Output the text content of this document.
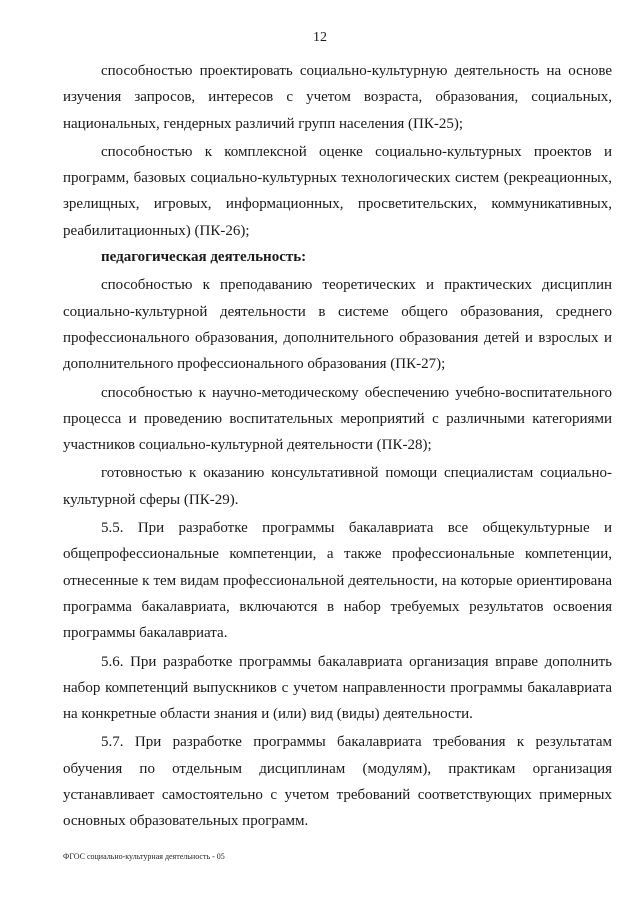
12

способностью проектировать социально-культурную деятельность на основе изучения запросов, интересов с учетом возраста, образования, социальных, национальных, гендерных различий групп населения (ПК-25);

способностью к комплексной оценке социально-культурных проектов и программ, базовых социально-культурных технологических систем (рекреационных, зрелищных, игровых, информационных, просветительских, коммуникативных, реабилитационных) (ПК-26);

педагогическая деятельность:

способностью к преподаванию теоретических и практических дисциплин социально-культурной деятельности в системе общего образования, среднего профессионального образования, дополнительного образования детей и взрослых и дополнительного профессионального образования (ПК-27);

способностью к научно-методическому обеспечению учебно-воспитательного процесса и проведению воспитательных мероприятий с различными категориями участников социально-культурной деятельности (ПК-28);

готовностью к оказанию консультативной помощи специалистам социально-культурной сферы (ПК-29).

5.5. При разработке программы бакалавриата все общекультурные и общепрофессиональные компетенции, а также профессиональные компетенции, отнесенные к тем видам профессиональной деятельности, на которые ориентирована программа бакалавриата, включаются в набор требуемых результатов освоения программы бакалавриата.

5.6. При разработке программы бакалавриата организация вправе дополнить набор компетенций выпускников с учетом направленности программы бакалавриата на конкретные области знания и (или) вид (виды) деятельности.

5.7. При разработке программы бакалавриата требования к результатам обучения по отдельным дисциплинам (модулям), практикам организация устанавливает самостоятельно с учетом требований соответствующих примерных основных образовательных программ.

ФГОС социально-культурная деятельность - 05
